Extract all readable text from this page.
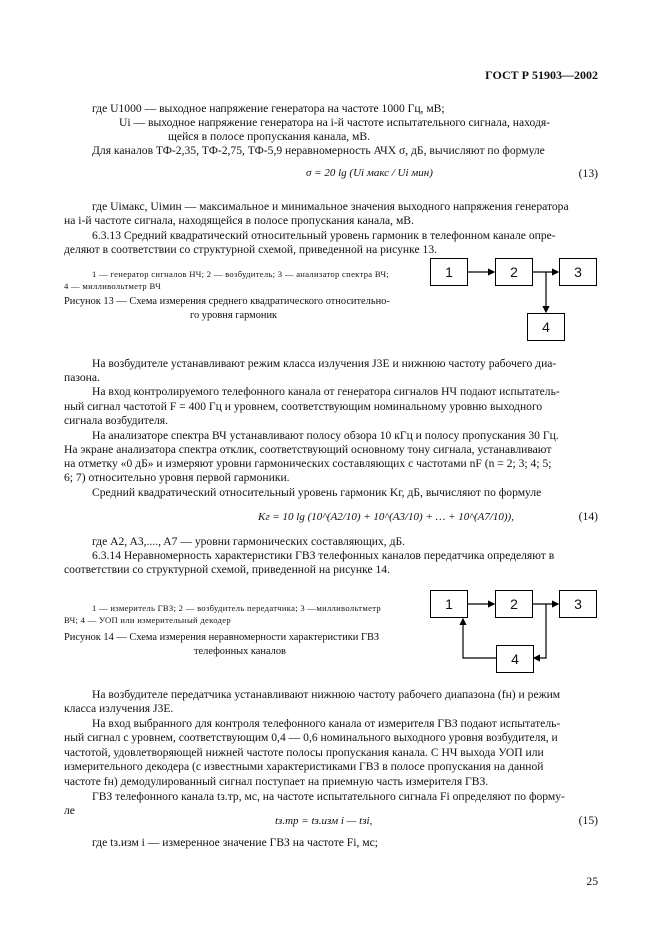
ГОСТ Р 51903—2002
где U1000 — выходное напряжение генератора на частоте 1000 Гц, мВ;
Ui — выходное напряжение генератора на i-й частоте испытательного сигнала, находя-
щейся в полосе пропускания канала, мВ.
Для каналов ТФ-2,35, ТФ-2,75, ТФ-5,9 неравномерность АЧХ σ, дБ, вычисляют по формуле
σ = 20 lg (Ui макс / Ui мин)	(13)
где Uiмакс, Uiмин — максимальное и минимальное значения выходного напряжения генератора
на i-й частоте сигнала, находящейся в полосе пропускания канала, мВ.
6.3.13 Средний квадратический относительный уровень гармоник в телефонном канале опре-
деляют в соответствии со структурной схемой, приведенной на рисунке 13.
1 — генератор сигналов НЧ; 2 — возбудитель; 3 — анализатор спектра ВЧ;
4 — милливольтметр ВЧ
Рисунок 13 — Схема измерения среднего квадратического относительно-
го уровня гармоник
1	2	3
4
На возбудителе устанавливают режим класса излучения J3E и нижнюю частоту рабочего диа-
пазона.
На вход контролируемого телефонного канала от генератора сигналов НЧ подают испытатель-
ный сигнал частотой F = 400 Гц и уровнем, соответствующим номинальному уровню выходного
сигнала возбудителя.
На анализаторе спектра ВЧ устанавливают полосу обзора 10 кГц и полосу пропускания 30 Гц.
На экране анализатора спектра отклик, соответствующий основному тону сигнала, устанавливают
на отметку «0 дБ» и измеряют уровни гармонических составляющих с частотами nF (n = 2; 3; 4; 5;
6; 7) относительно уровня первой гармоники.
Средний квадратический относительный уровень гармоник Kг, дБ, вычисляют по формуле
Kг = 10 lg (10^(A2/10) + 10^(A3/10) + … + 10^(A7/10)),	(14)
где A2, A3,...., A7 — уровни гармонических составляющих, дБ.
6.3.14 Неравномерность характеристики ГВЗ телефонных каналов передатчика определяют в
соответствии со структурной схемой, приведенной на рисунке 14.
1 — измеритель ГВЗ; 2 — возбудитель передатчика; 3 —милливольтметр
ВЧ; 4 — УОП или измерительный декодер
Рисунок 14 — Схема измерения неравномерности характеристики ГВЗ
телефонных каналов
1	2	3
4
На возбудителе передатчика устанавливают нижнюю частоту рабочего диапазона (fн) и режим
класса излучения J3E.
На вход выбранного для контроля телефонного канала от измерителя ГВЗ подают испытатель-
ный сигнал с уровнем, соответствующим 0,4 — 0,6 номинального выходного уровня возбудителя, и
частотой, удовлетворяющей нижней частоте полосы пропускания канала. С НЧ выхода УОП или
измерительного декодера (с известными характеристиками ГВЗ в полосе пропускания на данной
частоте fн) демодулированный сигнал поступает на приемную часть измерителя ГВЗ.
ГВЗ телефонного канала tз.тр, мс, на частоте испытательного сигнала Fi определяют по форму-
ле
tз.тр = tз.изм i — tзi,	(15)
где tз.изм i — измеренное значение ГВЗ на частоте Fi, мс;
25
